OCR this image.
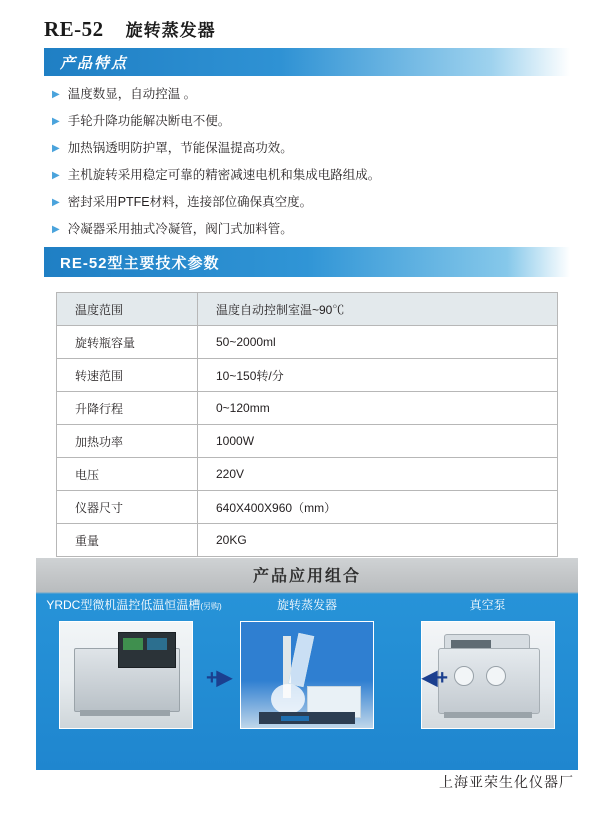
RE-52 旋转蒸发器
产品特点
▶ 温度数显，自动控温 。
▶ 手轮升降功能解决断电不便。
▶ 加热锅透明防护罩，节能保温提高功效。
▶ 主机旋转采用稳定可靠的精密减速电机和集成电路组成。
▶ 密封采用PTFE材料，连接部位确保真空度。
▶ 冷凝器采用抽式冷凝管，阀门式加料管。
RE-52型主要技术参数
温度范围	温度自动控制室温~90℃
旋转瓶容量	50~2000ml
转速范围	10~150转/分
升降行程	0~120mm
加热功率	1000W
电压	220V
仪器尺寸	640X400X960（mm）
重量	20KG
产品应用组合
YRDC型微机温控低温恒温槽(另购)	旋转蒸发器	真空泵
+▶	◀+
上海亚荣生化仪器厂
